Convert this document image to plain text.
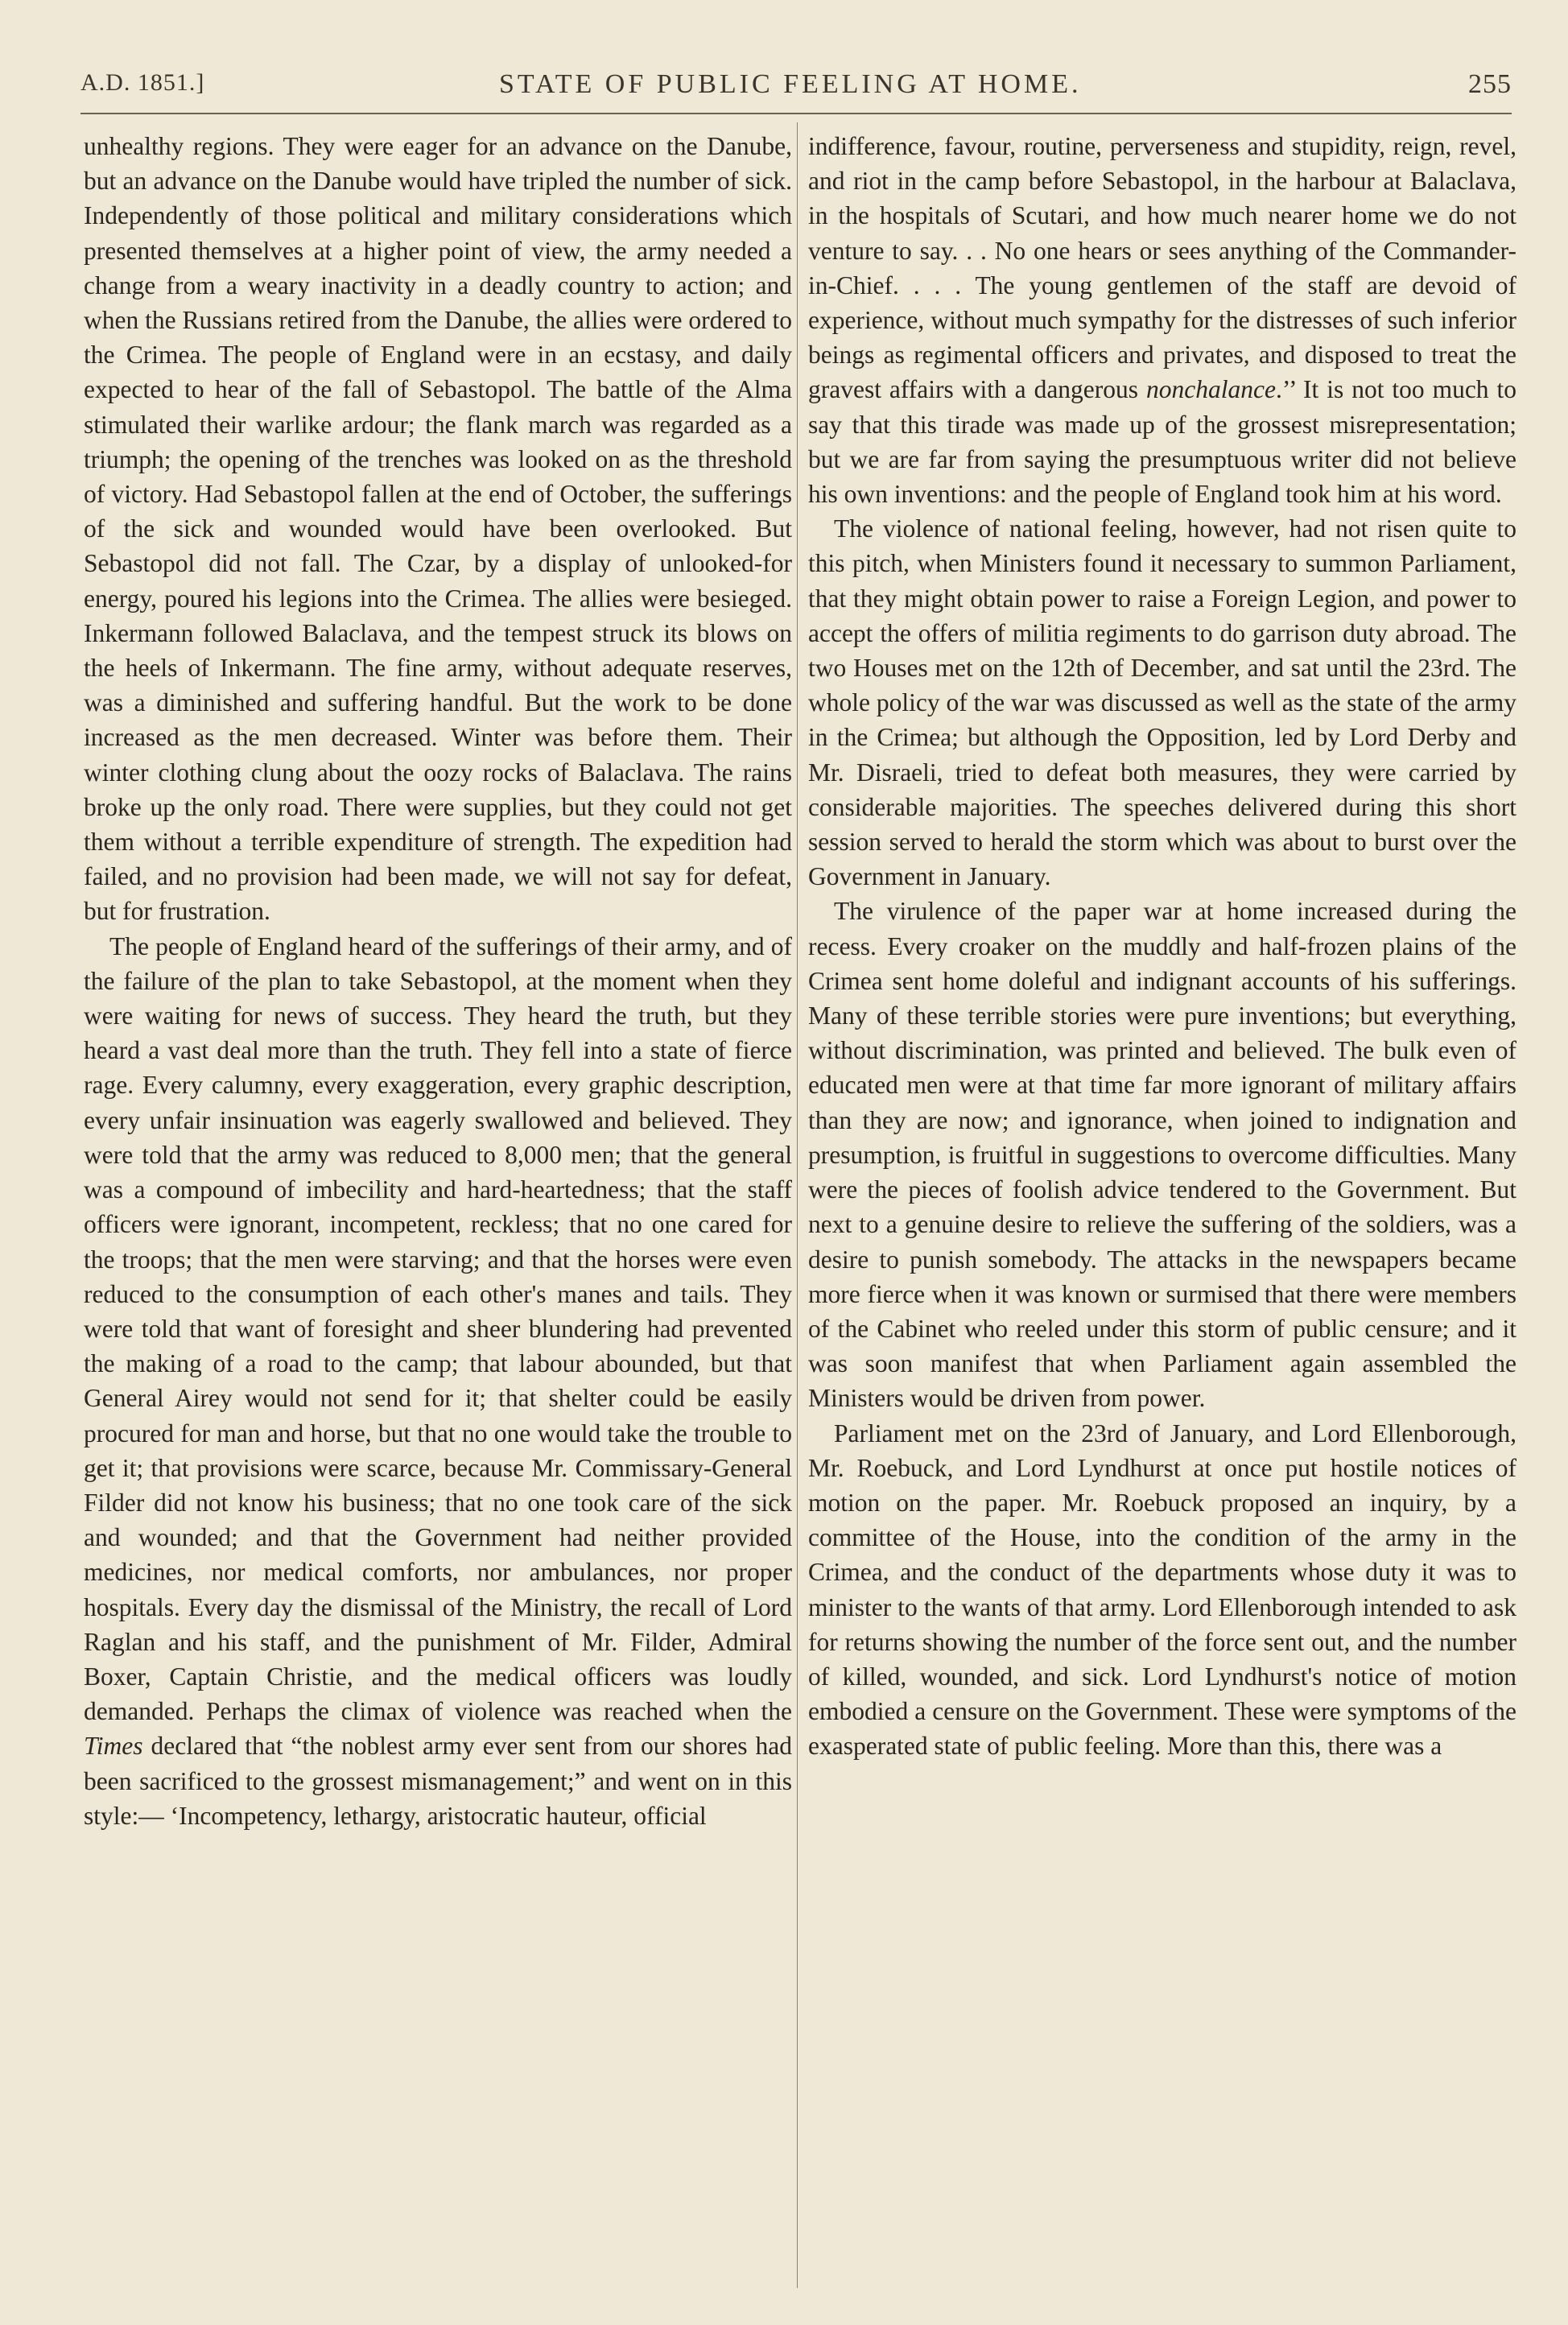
A.D. 1851.]	STATE OF PUBLIC FEELING AT HOME.	255

unhealthy regions. They were eager for an advance on the Danube, but an advance on the Danube would have tripled the number of sick. Independently of those political and military considerations which presented themselves at a higher point of view, the army needed a change from a weary inactivity in a deadly country to action; and when the Russians retired from the Danube, the allies were ordered to the Crimea. The people of England were in an ecstasy, and daily expected to hear of the fall of Sebastopol. The battle of the Alma stimulated their warlike ardour; the flank march was regarded as a triumph; the opening of the trenches was looked on as the threshold of victory. Had Sebastopol fallen at the end of October, the sufferings of the sick and wounded would have been overlooked. But Sebastopol did not fall. The Czar, by a display of unlooked-for energy, poured his legions into the Crimea. The allies were besieged. Inkermann followed Balaclava, and the tempest struck its blows on the heels of Inkermann. The fine army, without adequate reserves, was a diminished and suffering handful. But the work to be done increased as the men decreased. Winter was before them. Their winter clothing clung about the oozy rocks of Balaclava. The rains broke up the only road. There were supplies, but they could not get them without a terrible expenditure of strength. The expedition had failed, and no provision had been made, we will not say for defeat, but for frustration.

The people of England heard of the sufferings of their army, and of the failure of the plan to take Sebastopol, at the moment when they were waiting for news of success. They heard the truth, but they heard a vast deal more than the truth. They fell into a state of fierce rage. Every calumny, every exaggeration, every graphic description, every unfair insinuation was eagerly swallowed and believed. They were told that the army was reduced to 8,000 men; that the general was a compound of imbecility and hard-heartedness; that the staff officers were ignorant, incompetent, reckless; that no one cared for the troops; that the men were starving; and that the horses were even reduced to the consumption of each other's manes and tails. They were told that want of foresight and sheer blundering had prevented the making of a road to the camp; that labour abounded, but that General Airey would not send for it; that shelter could be easily procured for man and horse, but that no one would take the trouble to get it; that provisions were scarce, because Mr. Commissary-General Filder did not know his business; that no one took care of the sick and wounded; and that the Government had neither provided medicines, nor medical comforts, nor ambulances, nor proper hospitals. Every day the dismissal of the Ministry, the recall of Lord Raglan and his staff, and the punishment of Mr. Filder, Admiral Boxer, Captain Christie, and the medical officers was loudly demanded. Perhaps the climax of violence was reached when the Times declared that “the noblest army ever sent from our shores had been sacrificed to the grossest mismanagement;” and went on in this style:— ‘Incompetency, lethargy, aristocratic hauteur, official

indifference, favour, routine, perverseness and stupidity, reign, revel, and riot in the camp before Sebastopol, in the harbour at Balaclava, in the hospitals of Scutari, and how much nearer home we do not venture to say. . . No one hears or sees anything of the Commander-in-Chief. . . . The young gentlemen of the staff are devoid of experience, without much sympathy for the distresses of such inferior beings as regimental officers and privates, and disposed to treat the gravest affairs with a dangerous nonchalance.’’ It is not too much to say that this tirade was made up of the grossest misrepresentation; but we are far from saying the presumptuous writer did not believe his own inventions: and the people of England took him at his word.

The violence of national feeling, however, had not risen quite to this pitch, when Ministers found it necessary to summon Parliament, that they might obtain power to raise a Foreign Legion, and power to accept the offers of militia regiments to do garrison duty abroad. The two Houses met on the 12th of December, and sat until the 23rd. The whole policy of the war was discussed as well as the state of the army in the Crimea; but although the Opposition, led by Lord Derby and Mr. Disraeli, tried to defeat both measures, they were carried by considerable majorities. The speeches delivered during this short session served to herald the storm which was about to burst over the Government in January.

The virulence of the paper war at home increased during the recess. Every croaker on the muddly and half-frozen plains of the Crimea sent home doleful and indignant accounts of his sufferings. Many of these terrible stories were pure inventions; but everything, without discrimination, was printed and believed. The bulk even of educated men were at that time far more ignorant of military affairs than they are now; and ignorance, when joined to indignation and presumption, is fruitful in suggestions to overcome difficulties. Many were the pieces of foolish advice tendered to the Government. But next to a genuine desire to relieve the suffering of the soldiers, was a desire to punish somebody. The attacks in the newspapers became more fierce when it was known or surmised that there were members of the Cabinet who reeled under this storm of public censure; and it was soon manifest that when Parliament again assembled the Ministers would be driven from power.

Parliament met on the 23rd of January, and Lord Ellenborough, Mr. Roebuck, and Lord Lyndhurst at once put hostile notices of motion on the paper. Mr. Roebuck proposed an inquiry, by a committee of the House, into the condition of the army in the Crimea, and the conduct of the departments whose duty it was to minister to the wants of that army. Lord Ellenborough intended to ask for returns showing the number of the force sent out, and the number of killed, wounded, and sick. Lord Lyndhurst's notice of motion embodied a censure on the Government. These were symptoms of the exasperated state of public feeling. More than this, there was a
